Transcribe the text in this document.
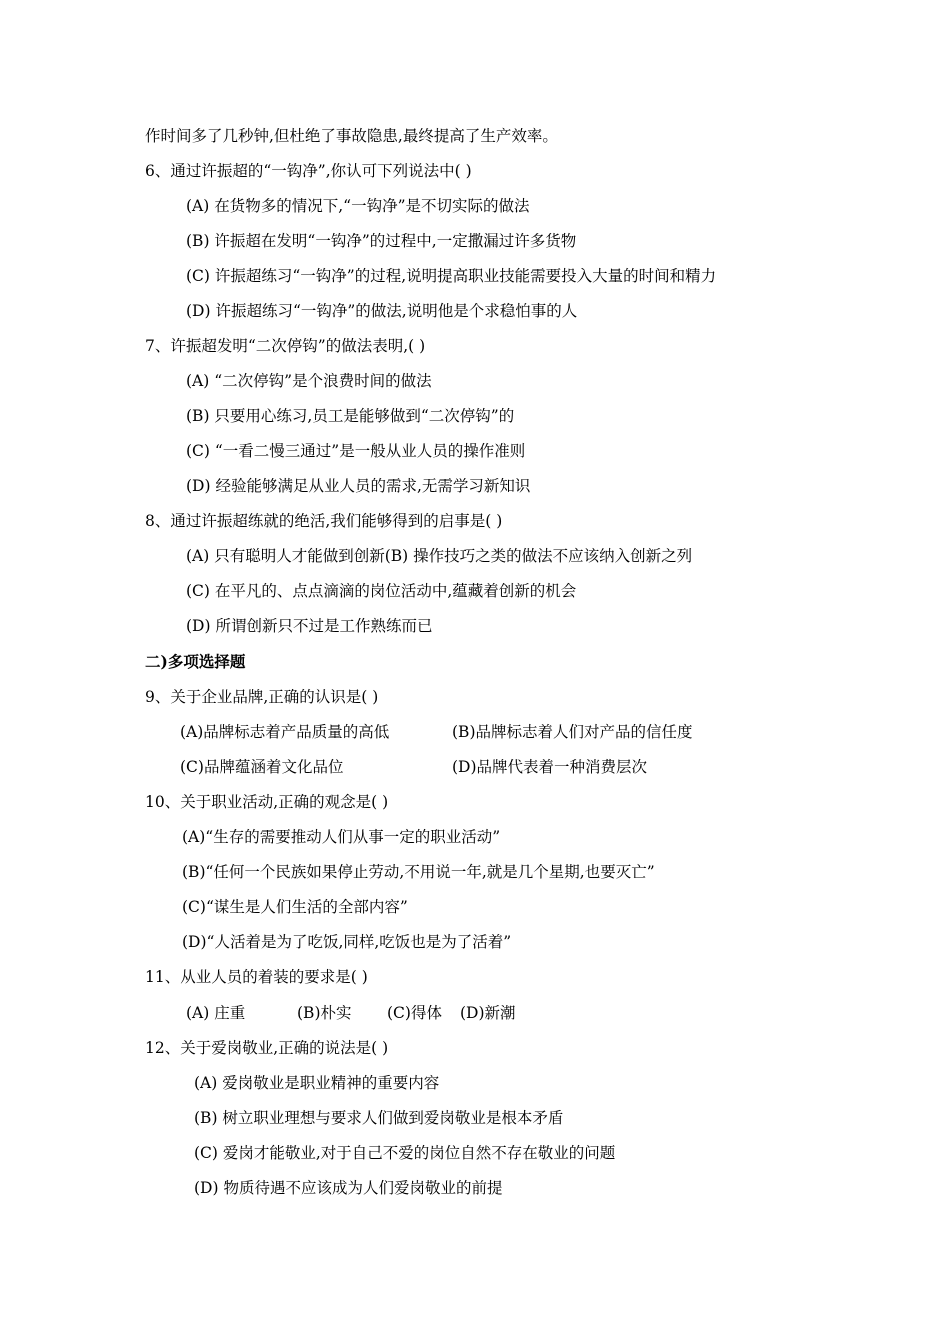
作时间多了几秒钟,但杜绝了事故隐患,最终提高了生产效率。
6、通过许振超的“一钩净”,你认可下列说法中( )
(A) 在货物多的情况下,“一钩净”是不切实际的做法
(B) 许振超在发明“一钩净”的过程中,一定撒漏过许多货物
(C) 许振超练习“一钩净”的过程,说明提高职业技能需要投入大量的时间和精力
(D) 许振超练习“一钩净”的做法,说明他是个求稳怕事的人
7、许振超发明“二次停钩”的做法表明,( )
(A) “二次停钩”是个浪费时间的做法
(B) 只要用心练习,员工是能够做到“二次停钩”的
(C) “一看二慢三通过”是一般从业人员的操作准则
(D) 经验能够满足从业人员的需求,无需学习新知识
8、通过许振超练就的绝活,我们能够得到的启事是( )
(A) 只有聪明人才能做到创新(B) 操作技巧之类的做法不应该纳入创新之列
(C) 在平凡的、点点滴滴的岗位活动中,蕴藏着创新的机会
(D) 所谓创新只不过是工作熟练而已
二)多项选择题
9、关于企业品牌,正确的认识是( )
(A)品牌标志着产品质量的高低	(B)品牌标志着人们对产品的信任度
(C)品牌蕴涵着文化品位	(D)品牌代表着一种消费层次
10、关于职业活动,正确的观念是( )
(A)“生存的需要推动人们从事一定的职业活动”
(B)“任何一个民族如果停止劳动,不用说一年,就是几个星期,也要灭亡”
(C)“谋生是人们生活的全部内容”
(D)“人活着是为了吃饭,同样,吃饭也是为了活着”
11、从业人员的着装的要求是( )
(A) 庄重	(B)朴实 (C)得体 (D)新潮
12、关于爱岗敬业,正确的说法是( )
(A) 爱岗敬业是职业精神的重要内容
(B) 树立职业理想与要求人们做到爱岗敬业是根本矛盾
(C) 爱岗才能敬业,对于自己不爱的岗位自然不存在敬业的问题
(D) 物质待遇不应该成为人们爱岗敬业的前提
